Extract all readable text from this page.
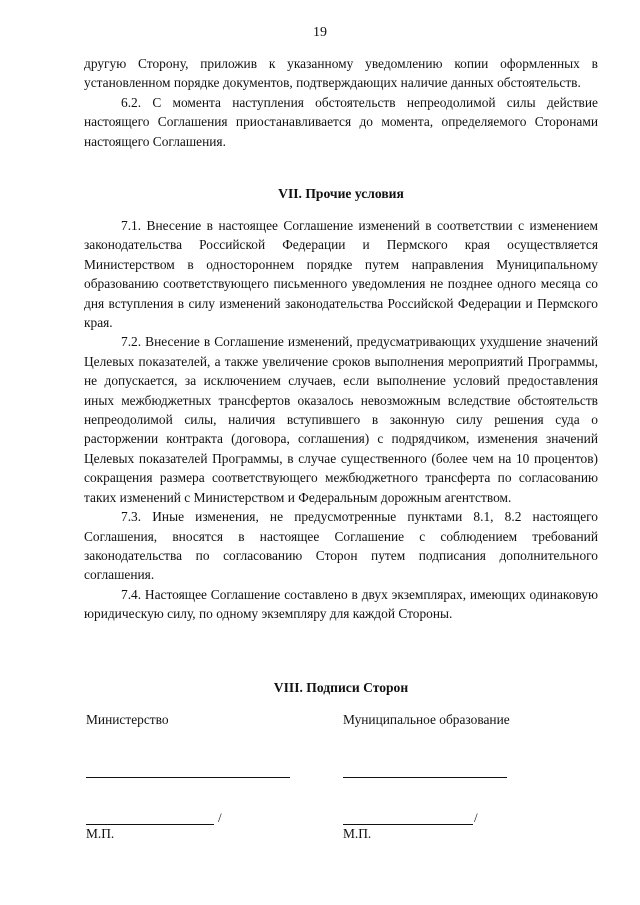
19

другую Сторону, приложив к указанному уведомлению копии оформленных в установленном порядке документов, подтверждающих наличие данных обстоятельств.

6.2. С момента наступления обстоятельств непреодолимой силы действие настоящего Соглашения приостанавливается до момента, определяемого Сторонами настоящего Соглашения.

VII. Прочие условия

7.1. Внесение в настоящее Соглашение изменений в соответствии с изменением законодательства Российской Федерации и Пермского края осуществляется Министерством в одностороннем порядке путем направления Муниципальному образованию соответствующего письменного уведомления не позднее одного месяца со дня вступления в силу изменений законодательства Российской Федерации и Пермского края.

7.2. Внесение в Соглашение изменений, предусматривающих ухудшение значений Целевых показателей, а также увеличение сроков выполнения мероприятий Программы, не допускается, за исключением случаев, если выполнение условий предоставления иных межбюджетных трансфертов оказалось невозможным вследствие обстоятельств непреодолимой силы, наличия вступившего в законную силу решения суда о расторжении контракта (договора, соглашения) с подрядчиком, изменения значений Целевых показателей Программы, в случае существенного (более чем на 10 процентов) сокращения размера соответствующего межбюджетного трансферта по согласованию таких изменений с Министерством и Федеральным дорожным агентством.

7.3. Иные изменения, не предусмотренные пунктами 8.1, 8.2 настоящего Соглашения, вносятся в настоящее Соглашение с соблюдением требований законодательства по согласованию Сторон путем подписания дополнительного соглашения.

7.4. Настоящее Соглашение составлено в двух экземплярах, имеющих одинаковую юридическую силу, по одному экземпляру для каждой Стороны.

VIII. Подписи Сторон
Министерство	Муниципальное образование
/	/
М.П.	М.П.
